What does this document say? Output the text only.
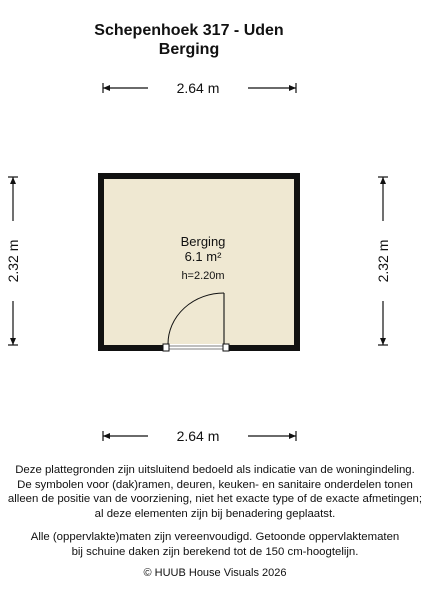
Schepenhoek 317 - Uden
Berging
2.64 m
2.64 m
2.32 m	2.32 m
Berging
6.1 m²
h=2.20m
Deze plattegronden zijn uitsluitend bedoeld als indicatie van de woningindeling.
De symbolen voor (dak)ramen, deuren, keuken- en sanitaire onderdelen tonen
alleen de positie van de voorziening, niet het exacte type of de exacte afmetingen;
al deze elementen zijn bij benadering geplaatst.
Alle (oppervlakte)maten zijn vereenvoudigd. Getoonde oppervlaktematen
bij schuine daken zijn berekend tot de 150 cm-hoogtelijn.
© HUUB House Visuals 2026
